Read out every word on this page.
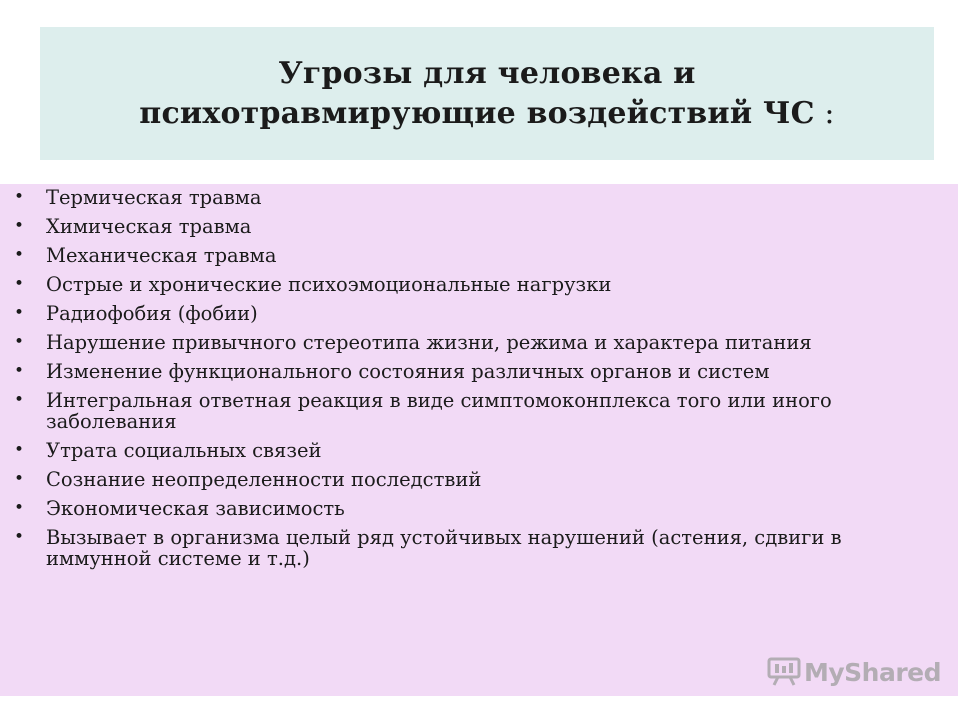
Угрозы для человека и
психотравмирующие воздействий ЧС :
• Термическая травма
• Химическая травма
• Механическая травма
• Острые и хронические психоэмоциональные нагрузки
• Радиофобия (фобии)
• Нарушение привычного стереотипа жизни, режима и характера питания
• Изменение функционального состояния различных органов и систем
• Интегральная ответная реакция в виде симптомоконплекса того или иного заболевания
• Утрата социальных связей
• Сознание неопределенности последствий
• Экономическая зависимость
• Вызывает в организма целый ряд устойчивых нарушений (астения, сдвиги в иммунной системе и т.д.)
MyShared
